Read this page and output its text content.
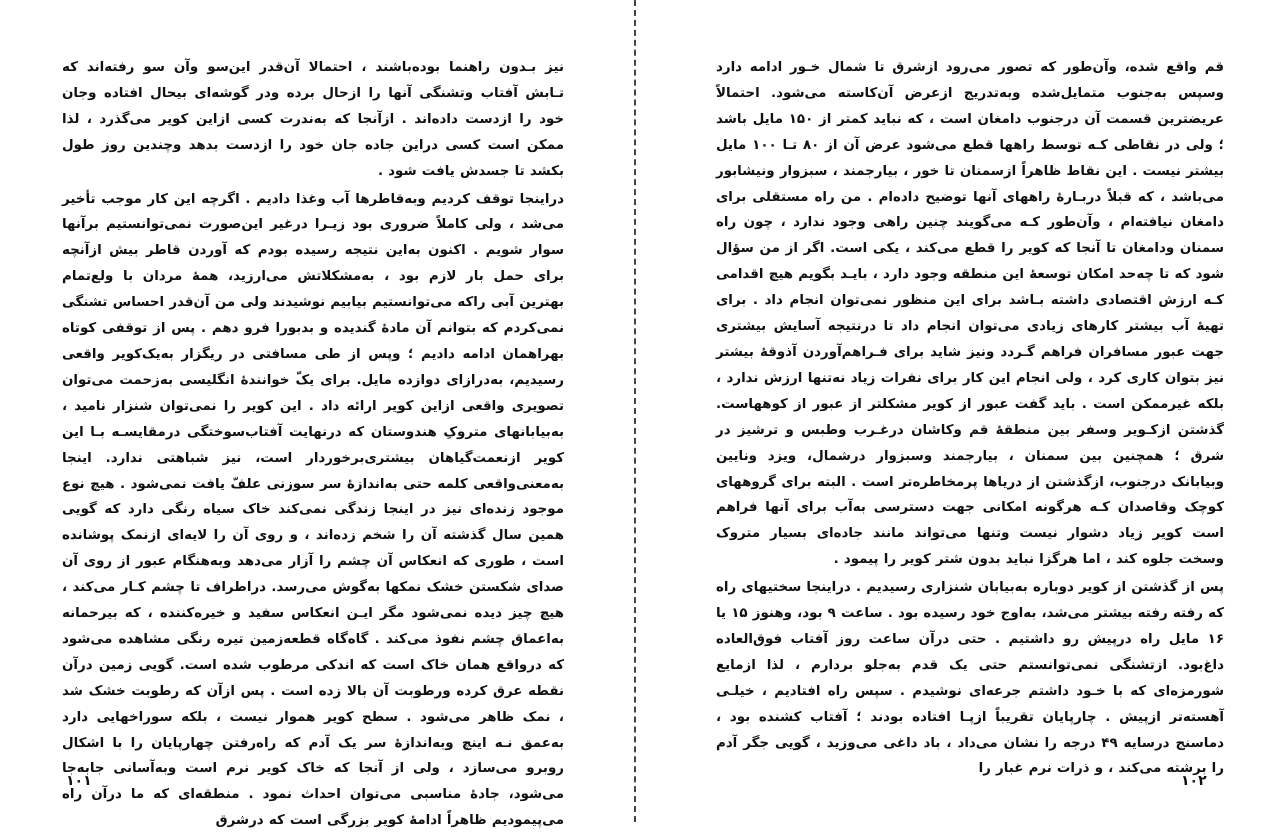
نیز بـدون راهنما بوده‌باشند ، احتمالا آن‌قدر این‌سو وآن سو رفته‌اند که تـابش آفتاب وتشنگی آنها را ازحال برده ودر گوشه‌ای بیحال افتاده وجان خود را ازدست داده‌اند . ازآنجا که به‌ندرت کسی ازاین کویر می‌گذرد ، لذا ممکن است کسی دراین جاده جان خود را ازدست بدهد وچندین روز طول بکشد تا جسدش یافت شود .

دراینجا توقف کردیم وبه‌قاطرها آب وغذا دادیم . اگرچه این کار موجب تأخیر می‌شد ، ولی کاملاً ضروری بود زیـرا درغیر این‌صورت نمی‌توانستیم برآنها سوار شویم . اکنون به‌این نتیجه رسیده بودم که آوردن قاطر بیش ازآنچه برای حمل بار لازم بود ، به‌مشکلاتش می‌ارزید، همهٔ مردان با ولع‌تمام بهترین آبی راکه می‌توانستیم بیابیم نوشیدند ولی من آن‌قدر احساس تشنگی نمی‌کردم که بتوانم آن مادهٔ گندیده و بدبورا فرو دهم . پس از توقفی کوتاه بهراهمان ادامه دادیم ؛ وپس از طی مسافتی در ریگزار به‌یک‌کویر واقعی رسیدیم، به‌درازای دوازده مایل. برای یکّ خوانندهٔ انگلیسی به‌زحمت می‌توان تصویری واقعی ازاین کویر ارائه داد . این کویر را نمی‌توان شنزار نامید ، به‌بیابانهای متروکِ هندوستان که درنهایت آفتاب‌سوختگی درمقایسـه بـا این کویر ازنعمت‌گیاهان بیشتری‌برخوردار است، نیز شباهتی ندارد. اینجا به‌معنی‌واقعی کلمه حتی به‌اندازهٔ سر سوزنی علفّ یافت نمی‌شود . هیچ نوع موجود زنده‌ای نیز در اینجا زندگی نمی‌کند خاک سیاه رنگی دارد که گویی همین سال گذشته آن را شخم زده‌اند ، و روی آن را لایه‌ای ازنمک پوشانده است ، طوری که انعکاس آن چشم را آزار می‌دهد وبه‌هنگام عبور از روی آن صدای شکستن خشک نمکها به‌گوش می‌رسد. دراطراف تا چشم کـار می‌کند ، هیچ چیز دیده نمی‌شود مگر ایـن انعکاس سفید و خیره‌کننده ، که بیرحمانه به‌اعماق چشم نفوذ می‌کند . گاه‌گاه قطعه‌زمین تیره رنگی مشاهده می‌شود که درواقع همان خاک است که اندکی مرطوب شده است. گویی زمین درآن نقطه عرق کرده ورطوبت آن بالا زده است . پس ازآن که رطوبت خشک شد ، نمک ظاهر می‌شود . سطح کویر هموار نیست ، بلکه سوراخهایی دارد به‌عمق نـه اینچ وبه‌اندازهٔ سر یک آدم که راه‌رفتن چهارپایان را با اشکال روبرو می‌سازد ، ولی از آنجا که خاک کویر نرم است وبه‌آسانی جابه‌جا می‌شود، جادهٔ مناسبی می‌توان احداث نمود . منطقه‌ای که ما درآن راه می‌پیمودیم ظاهراً ادامهٔ کویر بزرگی است که درشرق

قم واقع شده، وآن‌طور که تصور می‌رود ازشرق تا شمال خـور ادامه دارد وسپس به‌جنوب متمایل‌شده وبه‌تدریج ازعرض آن‌کاسته می‌شود. احتمالاً عریضترین قسمت آن درجنوب دامغان است ، که نباید کمتر از ۱۵۰ مایل باشد ؛ ولی در نقاطی کـه توسط راهها قطع می‌شود عرض آن از ۸۰ تـا ۱۰۰ مایل بیشتر نیست . این نقاط ظاهراً ازسمنان تا خور ، بیارجمند ، سبزوار ونیشابور می‌باشد ، که قبلاً دربـارهٔ راههای آنها توضیح داده‌ام . من راه مستقلی برای دامغان نیافته‌ام ، وآن‌طور کـه می‌گویند چنین راهی وجود ندارد ، چون راه سمنان ودامغان تا آنجا که کویر را قطع می‌کند ، یکی است. اگر از من سؤال شود که تا چه‌حد امکان توسعهٔ این منطقه وجود دارد ، بایـد بگویم هیچ اقدامی کـه ارزش اقتصادی داشته بـاشد برای این منظور نمی‌توان انجام داد . برای تهیهٔ آب بیشتر کارهای زیادی می‌توان انجام داد تا درنتیجه آسایش بیشتری جهت عبور مسافران فراهم گـردد ونیز شاید برای فـراهم‌آوردن آذوقهٔ بیشتر نیز بتوان کاری کرد ، ولی انجام این کار برای نفرات زیاد نه‌تنها ارزش ندارد ، بلکه غیرممکن است . باید گفت عبور از کویر مشکلتر از عبور از کوههاست. گذشتن ازکـویر وسفر بین منطقهٔ قم وکاشان درغـرب وطبس و ترشیز در شرق ؛ همچنین بین سمنان ، بیارجمند وسبزوار درشمال، ویزد ونایین وبیابانک درجنوب، ازگذشتن از دریاها پرمخاطره‌تر است . البته برای گروههای کوچک وقاصدان کـه هرگونه امکانی جهت دسترسی به‌آب برای آنها فراهم است کویر زیاد دشوار نیست وتنها می‌تواند مانند جاده‌ای بسیار متروک وسخت جلوه کند ، اما هرگز‌ا نباید بدون شتر کویر را پیمود .

پس از گذشتن از کویر دوباره به‌بیابان شنزاری رسیدیم . دراینجا سختیهای راه که رفته رفته بیشتر می‌شد، به‌اوج خود رسیده بود . ساعت ۹ بود، وهنوز ۱۵ یا ۱۶ مایل راه درپیش رو داشتیم . حتی درآن ساعت روز آفتاب فوق‌العاده داغ‌بود. ازتشنگی نمی‌توانستم حتی یک قدم به‌جلو بردارم ، لذا ازمایع شورمزه‌ای که با خـود داشتم جرعه‌ای نوشیدم . سپس راه افتادیم ، خیلـی آهسته‌تر ازپیش . چارپایان تقریباً ازپـا افتاده بودند ؛ آفتاب کشنده بود ، دماسنج درسایه ۴۹ درجه را نشان می‌داد ، باد داغی می‌وزید ، گویی جگر آدم را برشته می‌کند ، و ذرات نرم غبار را

۱۰۱	۱۰۲
